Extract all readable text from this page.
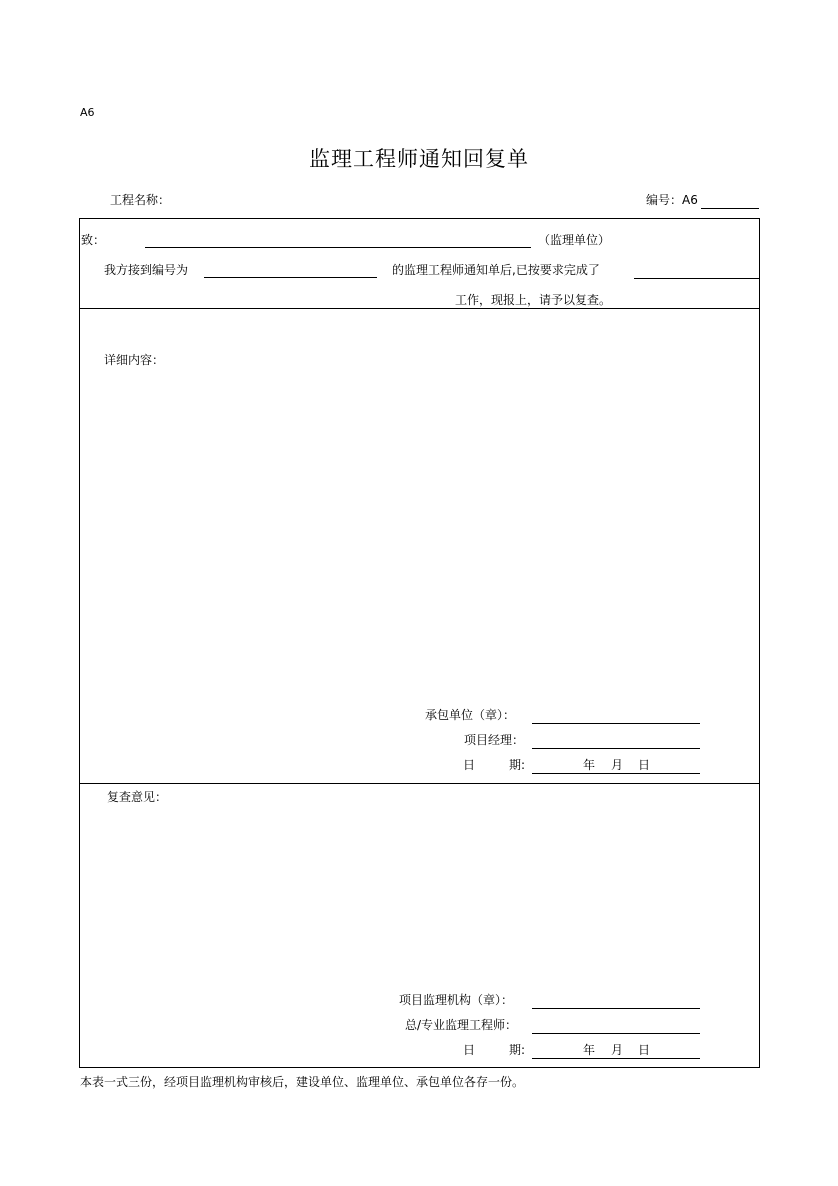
A6
监理工程师通知回复单
工程名称：	编号：A6
致：	（监理单位）
我方接到编号为	的监理工程师通知单后,已按要求完成了
工作，现报上，请予以复查。
详细内容：
承包单位（章）：
项目经理：
日	期:	年 月 日
复查意见：
项目监理机构（章）：
总/专业监理工程师：
日	期:	年 月 日
本表一式三份，经项目监理机构审核后，建设单位、监理单位、承包单位各存一份。
